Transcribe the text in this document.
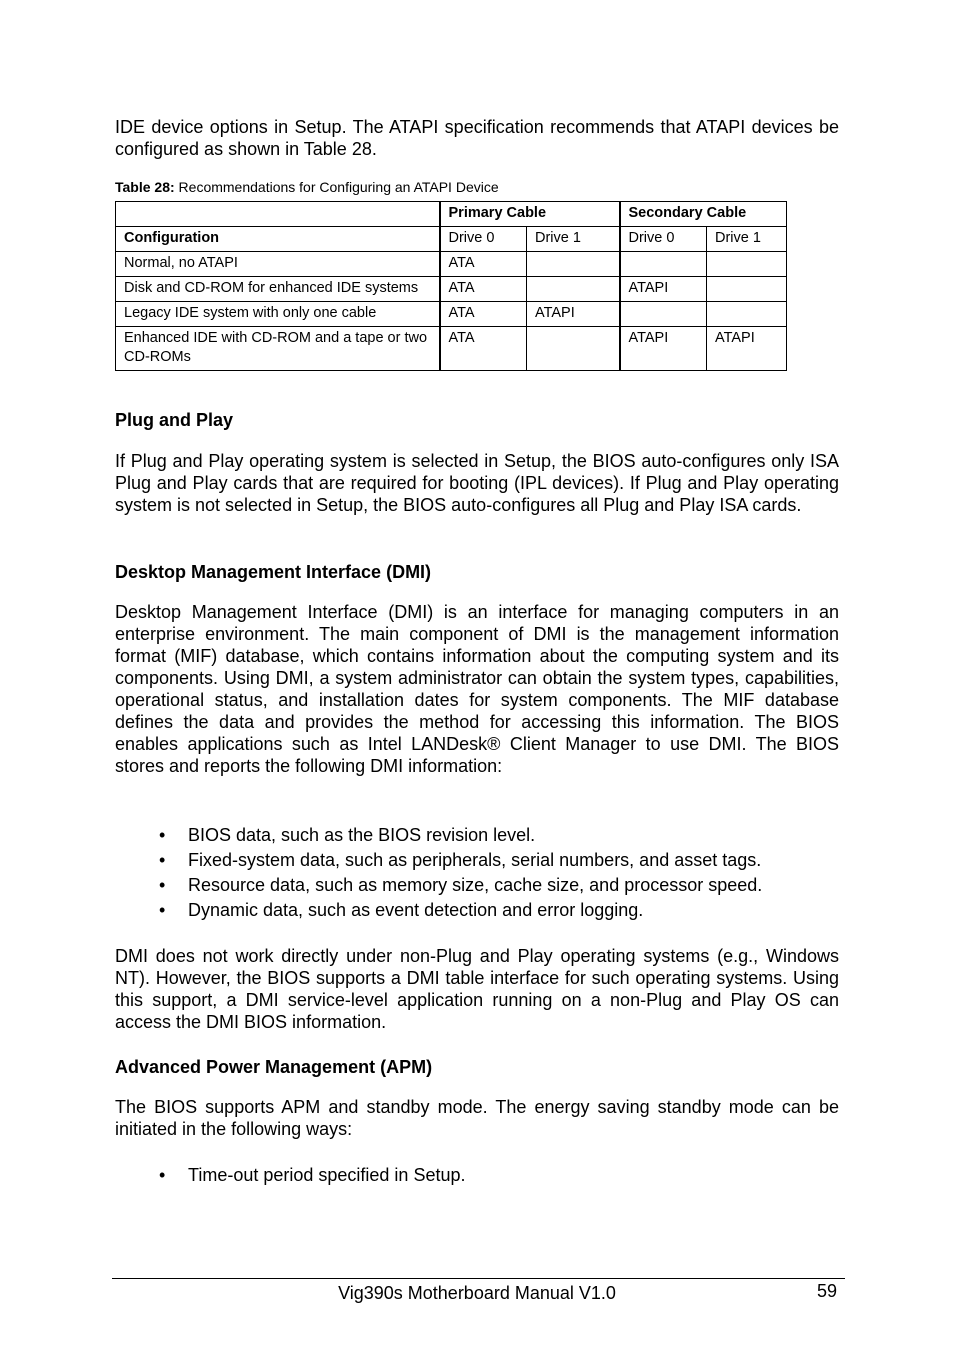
IDE device options in Setup. The ATAPI specification recommends that ATAPI devices be configured as shown in Table 28.

Table 28: Recommendations for Configuring an ATAPI Device
	Primary Cable		Secondary Cable	
Configuration	Drive 0	Drive 1	Drive 0	Drive 1
Normal, no ATAPI	ATA			
Disk and CD-ROM for enhanced IDE systems	ATA		ATAPI	
Legacy IDE system with only one cable	ATA	ATAPI		
Enhanced IDE with CD-ROM and a tape or two CD-ROMs	ATA		ATAPI	ATAPI
Plug and Play

If Plug and Play operating system is selected in Setup, the BIOS auto-configures only ISA Plug and Play cards that are required for booting (IPL devices). If Plug and Play operating system is not selected in Setup, the BIOS auto-configures all Plug and Play ISA cards.

Desktop Management Interface (DMI)

Desktop Management Interface (DMI) is an interface for managing computers in an enterprise environment. The main component of DMI is the management information format (MIF) database, which contains information about the computing system and its components. Using DMI, a system administrator can obtain the system types, capabilities, operational status, and installation dates for system components. The MIF database defines the data and provides the method for accessing this information. The BIOS enables applications such as Intel LANDesk® Client Manager to use DMI. The BIOS stores and reports the following DMI information:

• BIOS data, such as the BIOS revision level.
• Fixed-system data, such as peripherals, serial numbers, and asset tags.
• Resource data, such as memory size, cache size, and processor speed.
• Dynamic data, such as event detection and error logging.

DMI does not work directly under non-Plug and Play operating systems (e.g., Windows NT). However, the BIOS supports a DMI table interface for such operating systems. Using this support, a DMI service-level application running on a non-Plug and Play OS can access the DMI BIOS information.

Advanced Power Management (APM)

The BIOS supports APM and standby mode. The energy saving standby mode can be initiated in the following ways:

• Time-out period specified in Setup.
Vig390s Motherboard Manual V1.0	59
